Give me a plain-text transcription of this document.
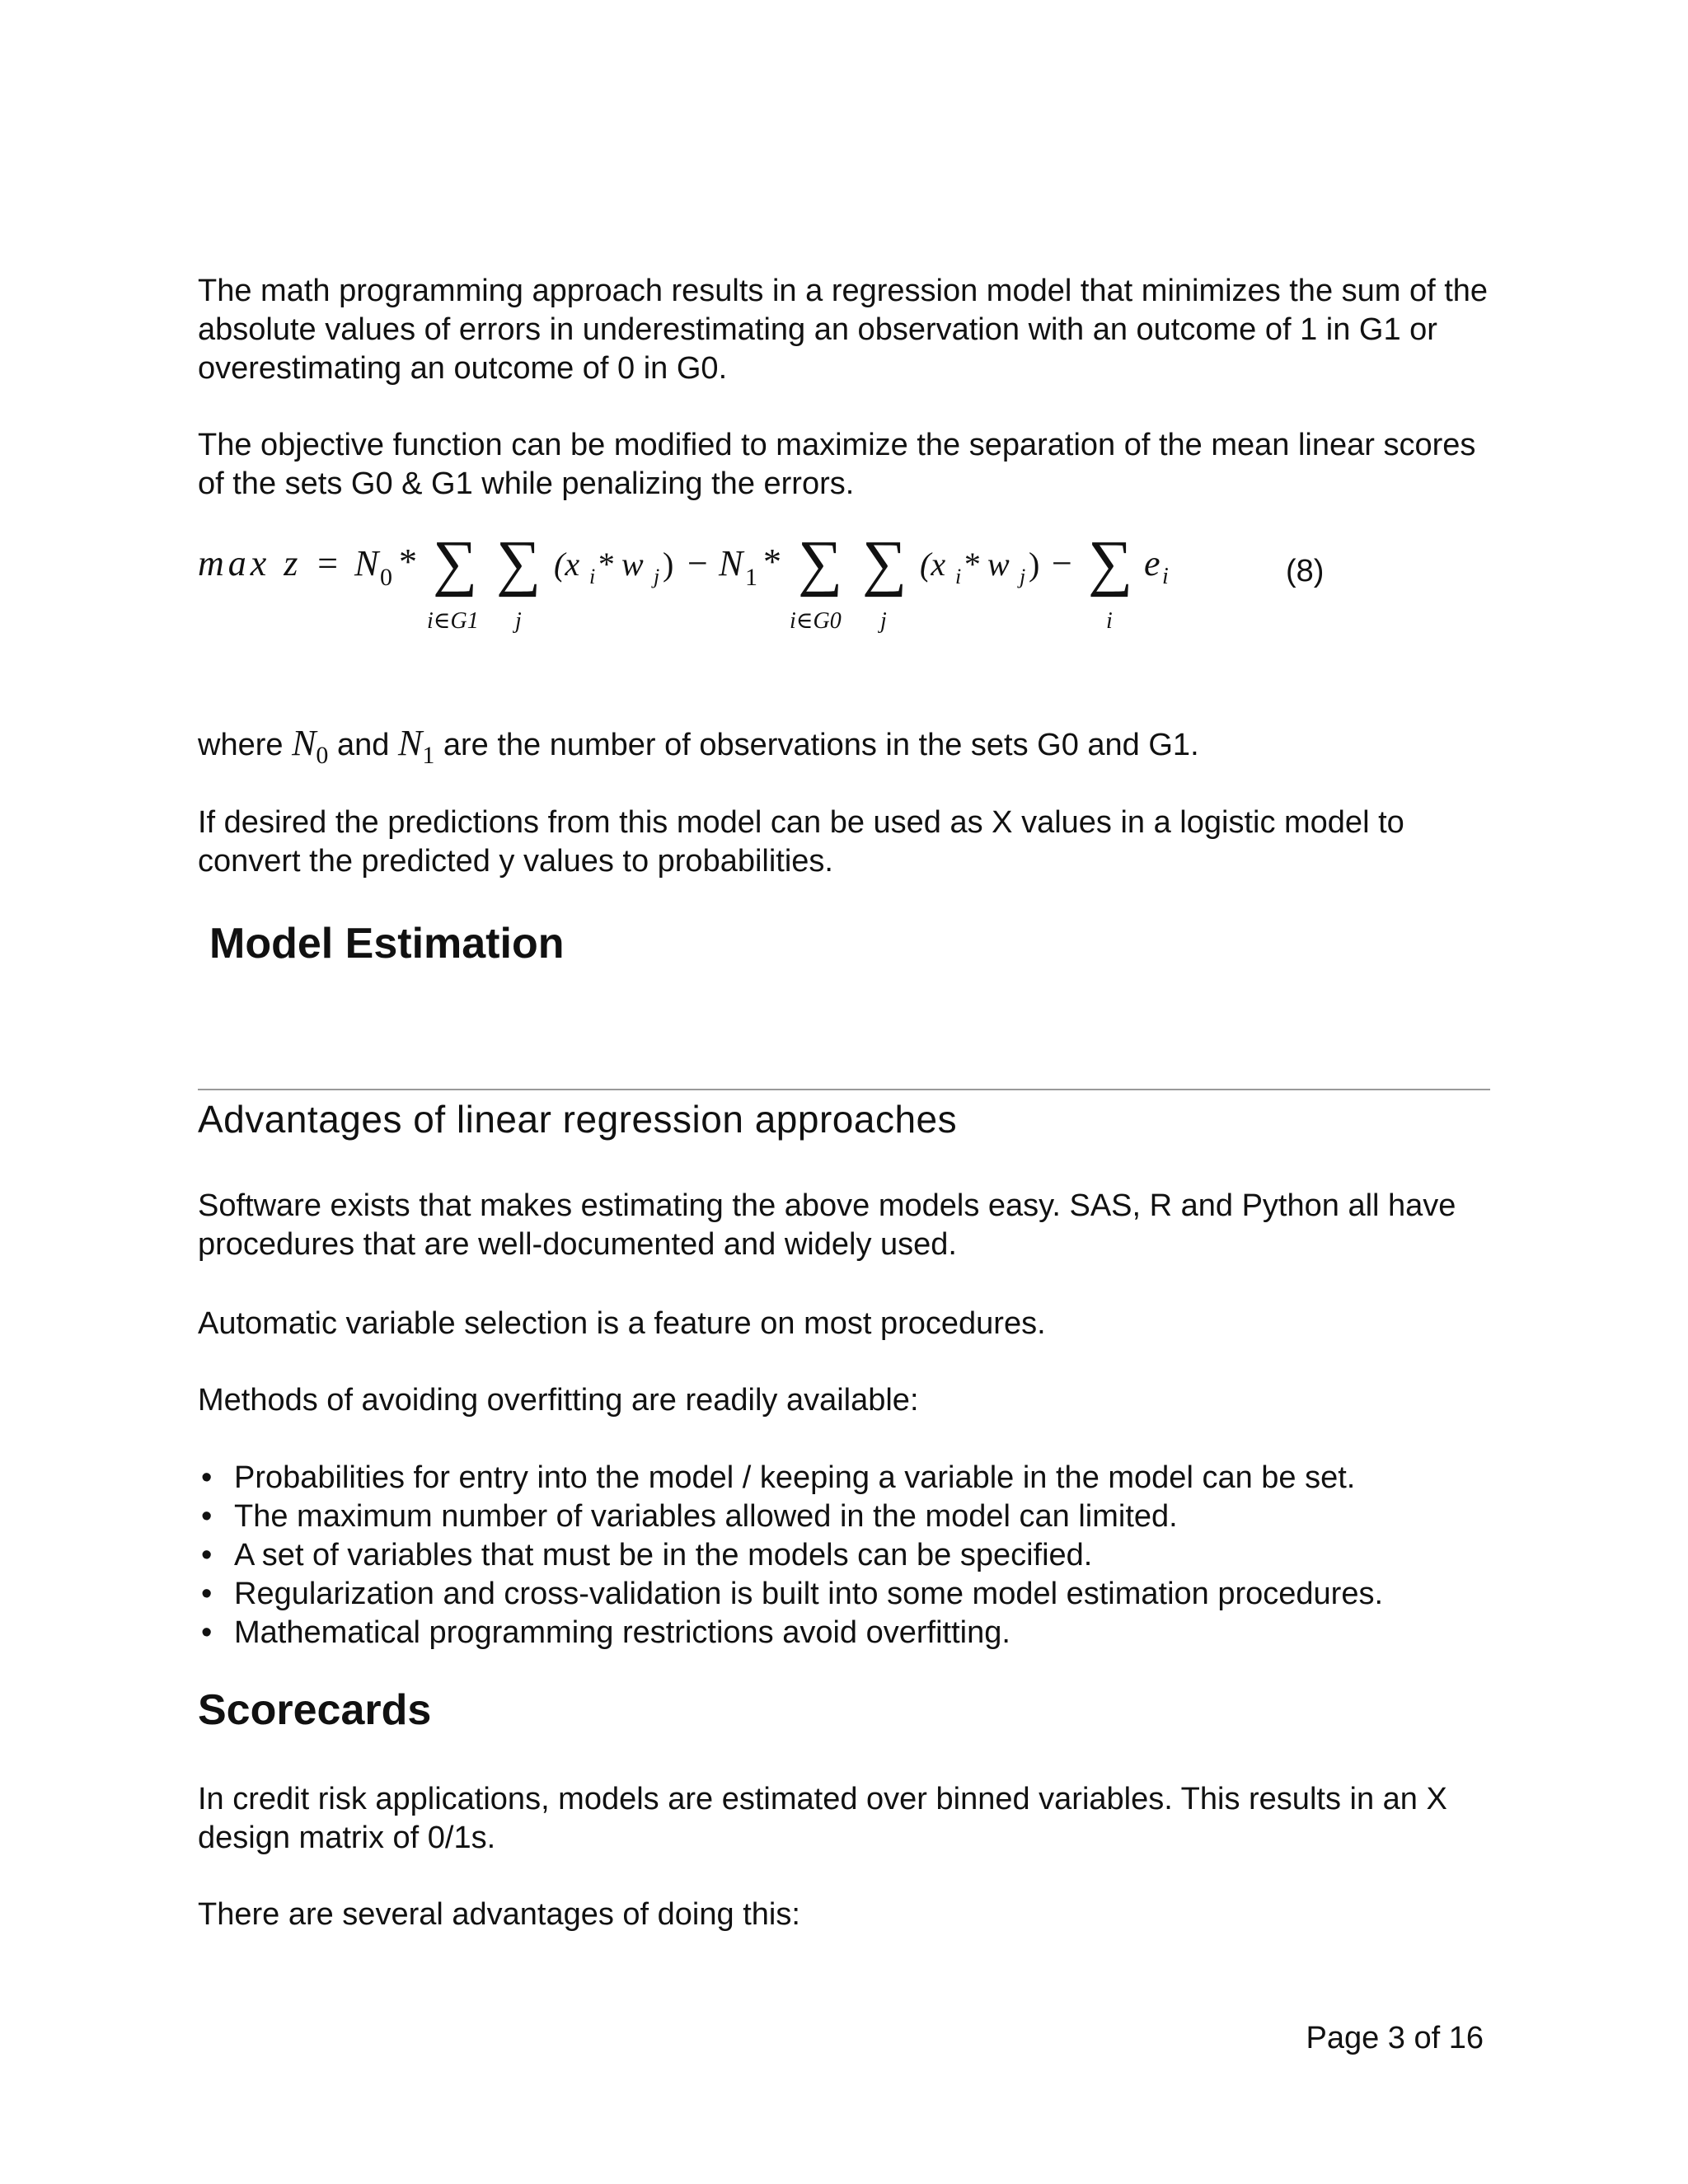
The math programming approach results in a regression model that minimizes the sum of the absolute values of errors in underestimating an observation with an outcome of 1 in G1 or overestimating an outcome of 0 in G0.

The objective function can be modified to maximize the separation of the mean linear scores of the sets G0 & G1 while penalizing the errors.

max z = N 0 * ∑
i∈G1
∑
j
(x i * w j ) − N 1 * ∑
i∈G0
∑
j
(x i * w j ) − ∑
i
e i	(8)

where $N_0$ and $N_1$ are the number of observations in the sets G0 and G1.

If desired the predictions from this model can be used as X values in a logistic model to convert the predicted y values to probabilities.

Model Estimation
Advantages of linear regression approaches

Software exists that makes estimating the above models easy. SAS, R and Python all have procedures that are well-documented and widely used.

Automatic variable selection is a feature on most procedures.

Methods of avoiding overfitting are readily available:

• Probabilities for entry into the model / keeping a variable in the model can be set.
• The maximum number of variables allowed in the model can limited.
• A set of variables that must be in the models can be specified.
• Regularization and cross-validation is built into some model estimation procedures.
• Mathematical programming restrictions avoid overfitting.
Scorecards

In credit risk applications, models are estimated over binned variables. This results in an X design matrix of 0/1s.

There are several advantages of doing this:

Page 3 of 16
